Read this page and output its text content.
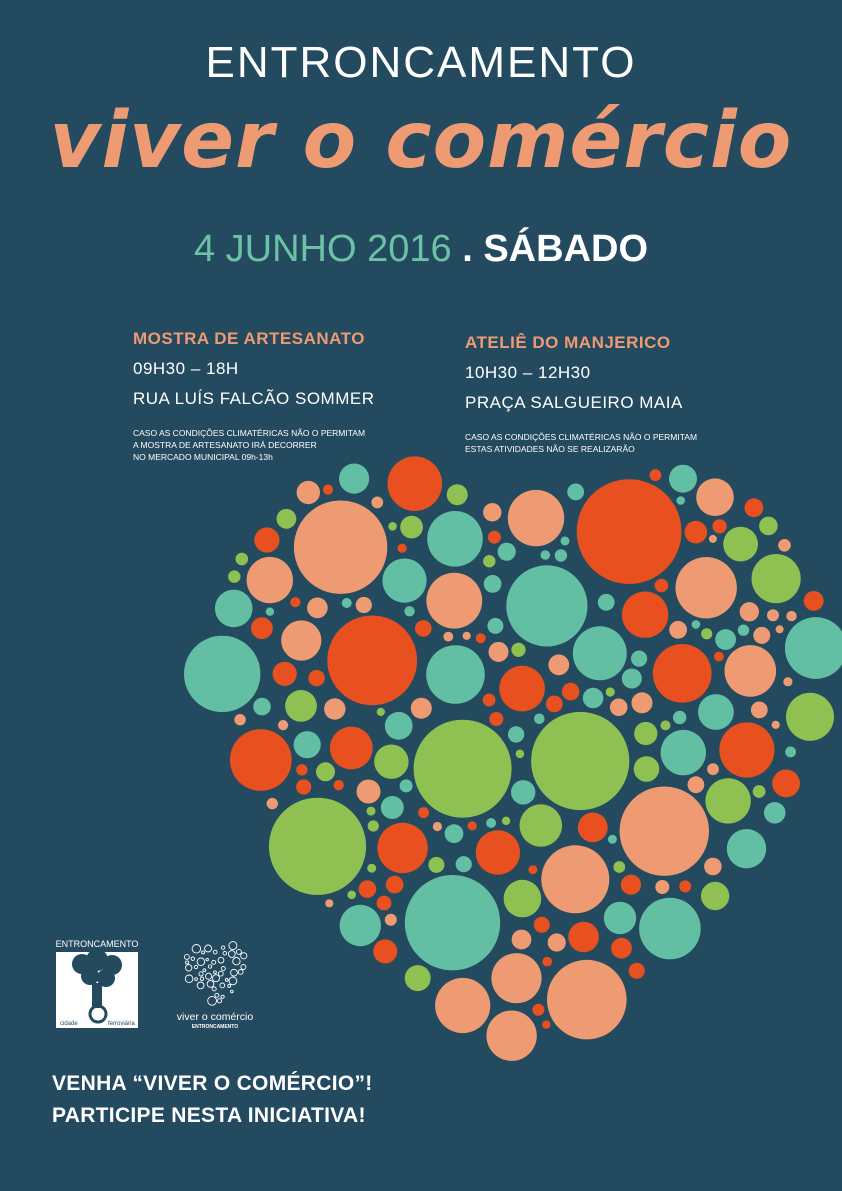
ENTRONCAMENTO
viver o comércio
4 JUNHO 2016 . SÁBADO
MOSTRA DE ARTESANATO
09H30 – 18H
RUA LUÍS FALCÃO SOMMER
CASO AS CONDIÇÕES CLIMATÉRICAS NÃO O PERMITAM
A MOSTRA DE ARTESANATO IRÁ DECORRER
NO MERCADO MUNICIPAL 09h-13h
ATELIÊ DO MANJERICO
10H30 – 12H30
PRAÇA SALGUEIRO MAIA
CASO AS CONDIÇÕES CLIMATÉRICAS NÃO O PERMITAM
ESTAS ATIVIDADES NÃO SE REALIZARÃO
ENTRONCAMENTO
cidade	ferroviária
viver o comércio
ENTRONCAMENTO
VENHA “VIVER O COMÉRCIO”!
PARTICIPE NESTA INICIATIVA!
